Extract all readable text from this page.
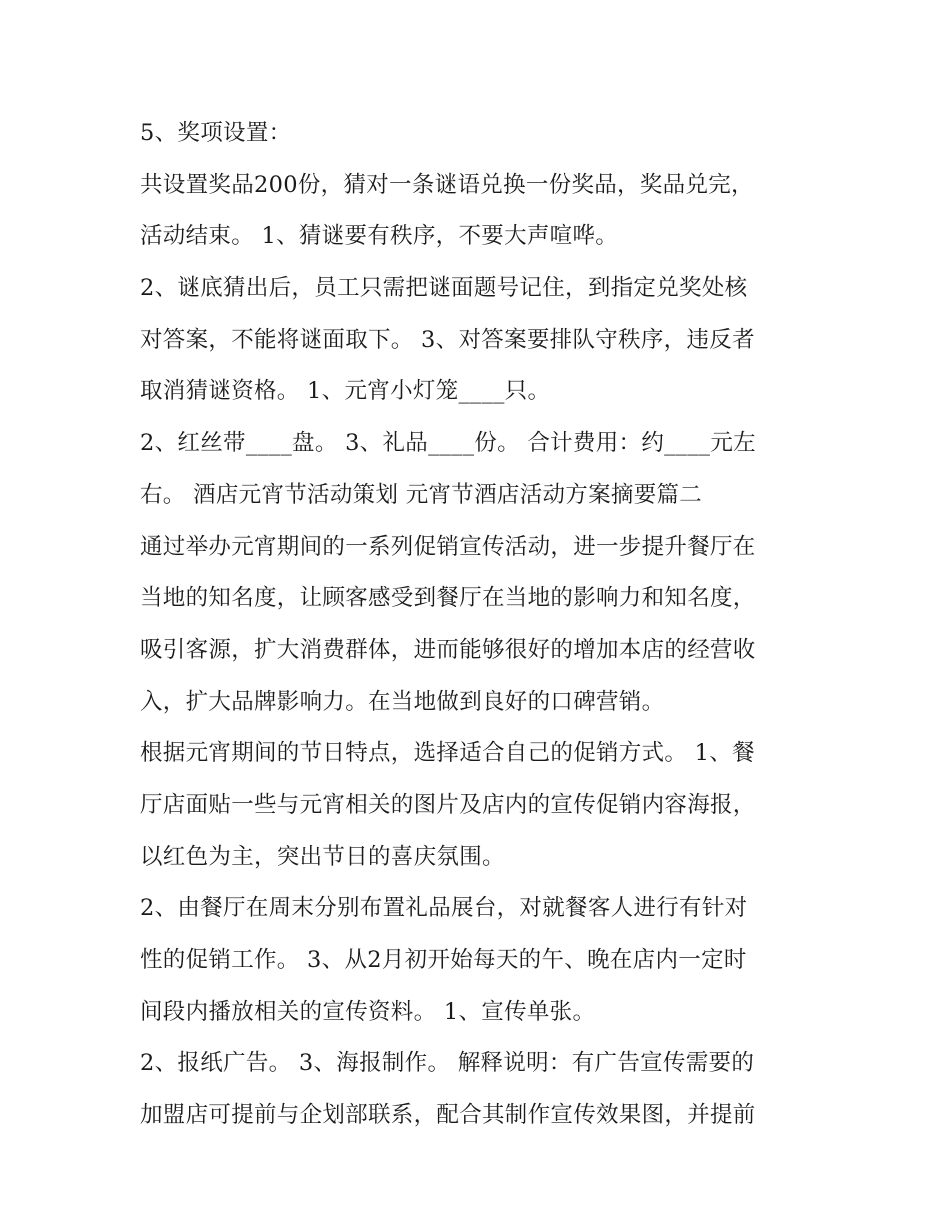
5、奖项设置：
共设置奖品200份，猜对一条谜语兑换一份奖品，奖品兑完，
活动结束。 1、猜谜要有秩序，不要大声喧哗。
2、谜底猜出后，员工只需把谜面题号记住，到指定兑奖处核
对答案，不能将谜面取下。 3、对答案要排队守秩序，违反者
取消猜谜资格。 1、元宵小灯笼____只。
2、红丝带____盘。 3、礼品____份。 合计费用：约____元左
右。 酒店元宵节活动策划 元宵节酒店活动方案摘要篇二
通过举办元宵期间的一系列促销宣传活动，进一步提升餐厅在
当地的知名度，让顾客感受到餐厅在当地的影响力和知名度，
吸引客源，扩大消费群体，进而能够很好的增加本店的经营收
入，扩大品牌影响力。在当地做到良好的口碑营销。
根据元宵期间的节日特点，选择适合自己的促销方式。 1、餐
厅店面贴一些与元宵相关的图片及店内的宣传促销内容海报，
以红色为主，突出节日的喜庆氛围。
2、由餐厅在周末分别布置礼品展台，对就餐客人进行有针对
性的促销工作。 3、从2月初开始每天的午、晚在店内一定时
间段内播放相关的宣传资料。 1、宣传单张。
2、报纸广告。 3、海报制作。 解释说明：有广告宣传需要的
加盟店可提前与企划部联系，配合其制作宣传效果图，并提前
